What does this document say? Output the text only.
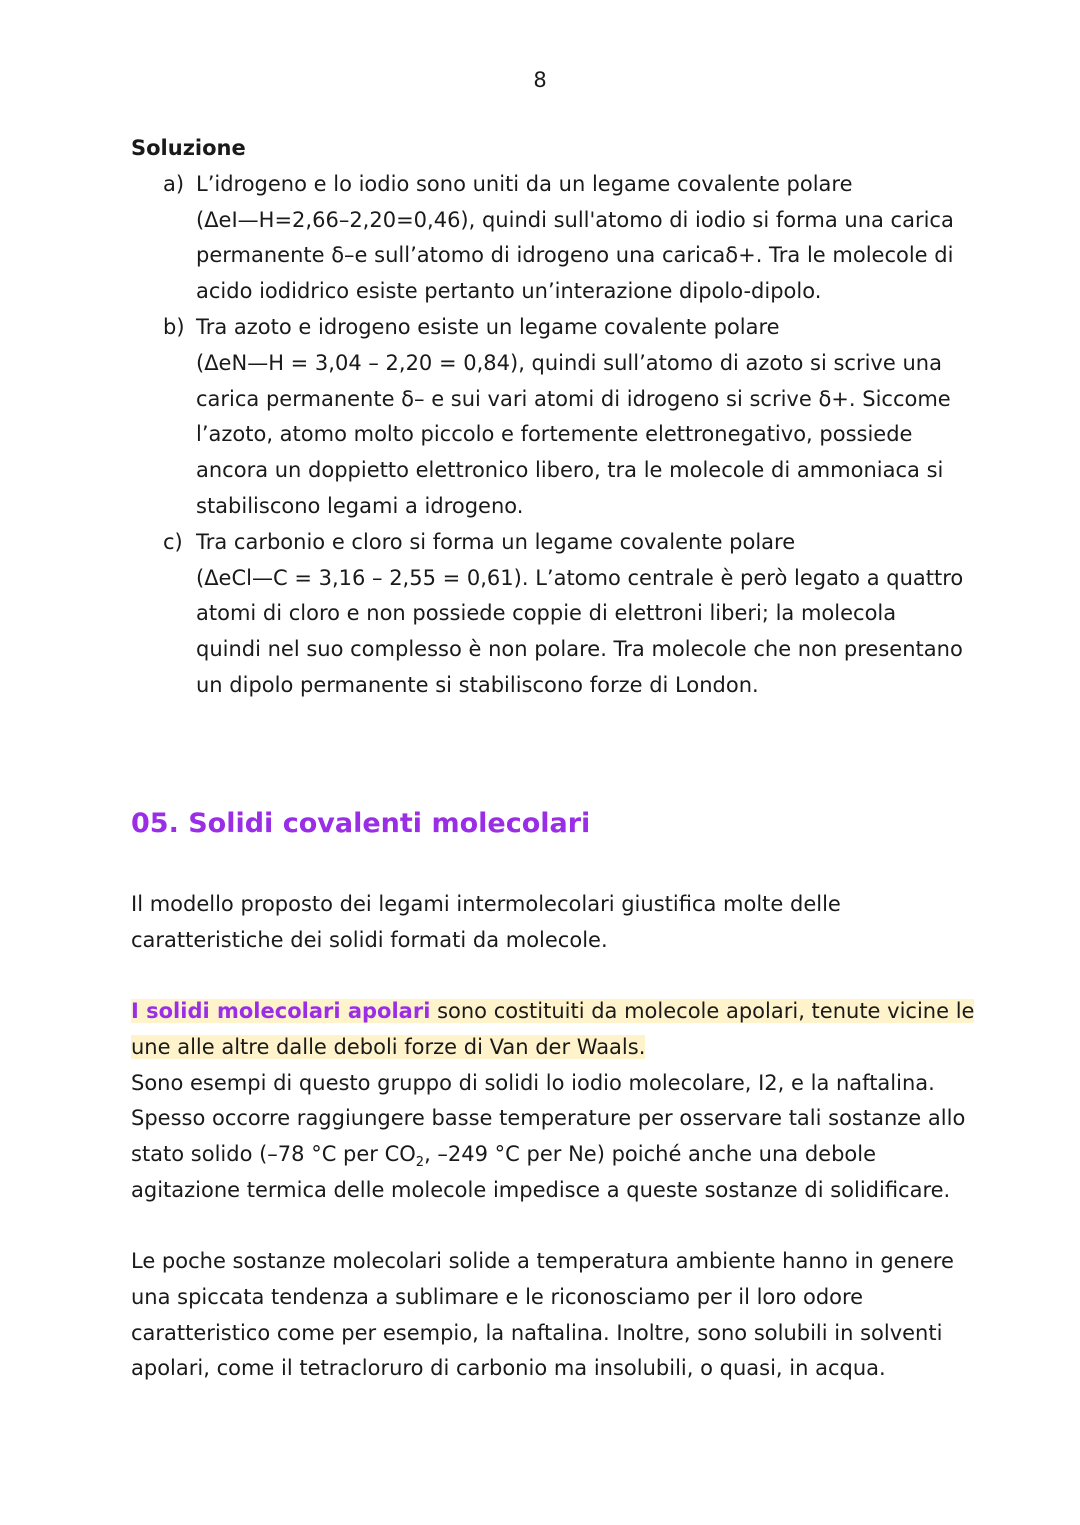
8

Soluzione

a) L’idrogeno e lo iodio sono uniti da un legame covalente polare
(ΔeI—H=2,66–2,20=0,46), quindi sull'atomo di iodio si forma una carica
permanente δ–e sull’atomo di idrogeno una caricaδ+. Tra le molecole di
acido iodidrico esiste pertanto un’interazione dipolo-dipolo.
b) Tra azoto e idrogeno esiste un legame covalente polare
(ΔeN—H = 3,04 – 2,20 = 0,84), quindi sull’atomo di azoto si scrive una
carica permanente δ– e sui vari atomi di idrogeno si scrive δ+. Siccome
l’azoto, atomo molto piccolo e fortemente elettronegativo, possiede
ancora un doppietto elettronico libero, tra le molecole di ammoniaca si
stabiliscono legami a idrogeno.
c) Tra carbonio e cloro si forma un legame covalente polare
(ΔeCl—C = 3,16 – 2,55 = 0,61). L’atomo centrale è però legato a quattro
atomi di cloro e non possiede coppie di elettroni liberi; la molecola
quindi nel suo complesso è non polare. Tra molecole che non presentano
un dipolo permanente si stabiliscono forze di London.
05. Solidi covalenti molecolari

Il modello proposto dei legami intermolecolari giustifica molte delle
caratteristiche dei solidi formati da molecole.

I solidi molecolari apolari sono costituiti da molecole apolari, tenute vicine le
une alle altre dalle deboli forze di Van der Waals.
Sono esempi di questo gruppo di solidi lo iodio molecolare, I2, e la naftalina.
Spesso occorre raggiungere basse temperature per osservare tali sostanze allo
stato solido (–78 °C per $CO_2$, –249 °C per Ne) poiché anche una debole
agitazione termica delle molecole impedisce a queste sostanze di solidificare.

Le poche sostanze molecolari solide a temperatura ambiente hanno in genere
una spiccata tendenza a sublimare e le riconosciamo per il loro odore
caratteristico come per esempio, la naftalina. Inoltre, sono solubili in solventi
apolari, come il tetracloruro di carbonio ma insolubili, o quasi, in acqua.
